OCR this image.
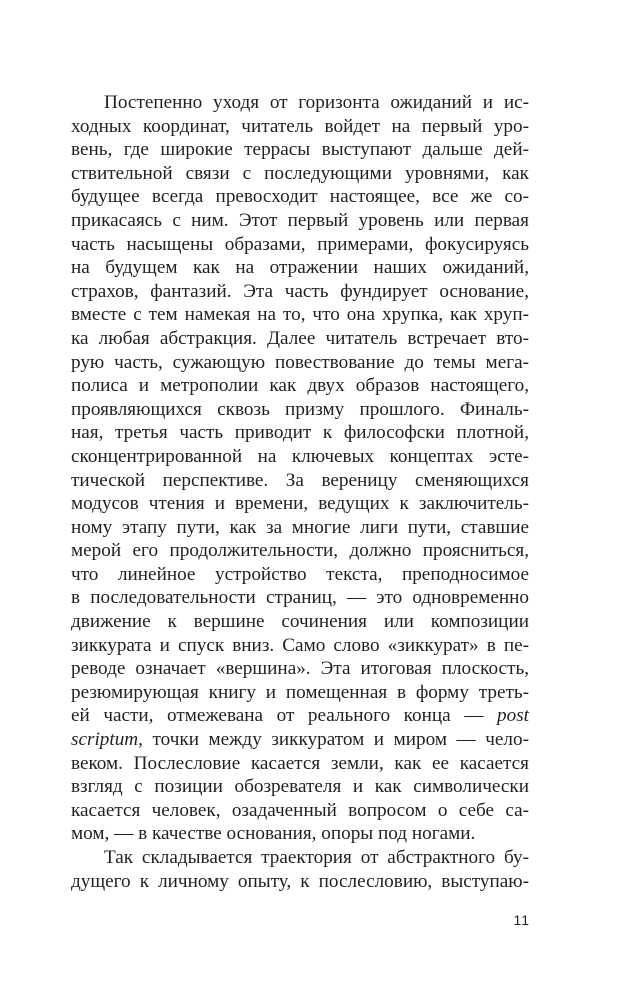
Постепенно уходя от горизонта ожиданий и ис-
ходных координат, читатель войдет на первый уро-
вень, где широкие террасы выступают дальше дей-
ствительной связи с последующими уровнями, как
будущее всегда превосходит настоящее, все же со-
прикасаясь с ним. Этот первый уровень или первая
часть насыщены образами, примерами, фокусируясь
на будущем как на отражении наших ожиданий,
страхов, фантазий. Эта часть фундирует основание,
вместе с тем намекая на то, что она хрупка, как хруп-
ка любая абстракция. Далее читатель встречает вто-
рую часть, сужающую повествование до темы мега-
полиса и метрополии как двух образов настоящего,
проявляющихся сквозь призму прошлого. Финаль-
ная, третья часть приводит к философски плотной,
сконцентрированной на ключевых концептах эсте-
тической перспективе. За вереницу сменяющихся
модусов чтения и времени, ведущих к заключитель-
ному этапу пути, как за многие лиги пути, ставшие
мерой его продолжительности, должно проясниться,
что линейное устройство текста, преподносимое
в последовательности страниц, — это одновременно
движение к вершине сочинения или композиции
зиккурата и спуск вниз. Само слово «зиккурат» в пе-
реводе означает «вершина». Эта итоговая плоскость,
резюмирующая книгу и помещенная в форму треть-
ей части, отмежевана от реального конца — post
scriptum, точки между зиккуратом и миром — чело-
веком. Послесловие касается земли, как ее касается
взгляд с позиции обозревателя и как символически
касается человек, озадаченный вопросом о себе са-
мом, — в качестве основания, опоры под ногами.
Так складывается траектория от абстрактного бу-
дущего к личному опыту, к послесловию, выступаю-
11
